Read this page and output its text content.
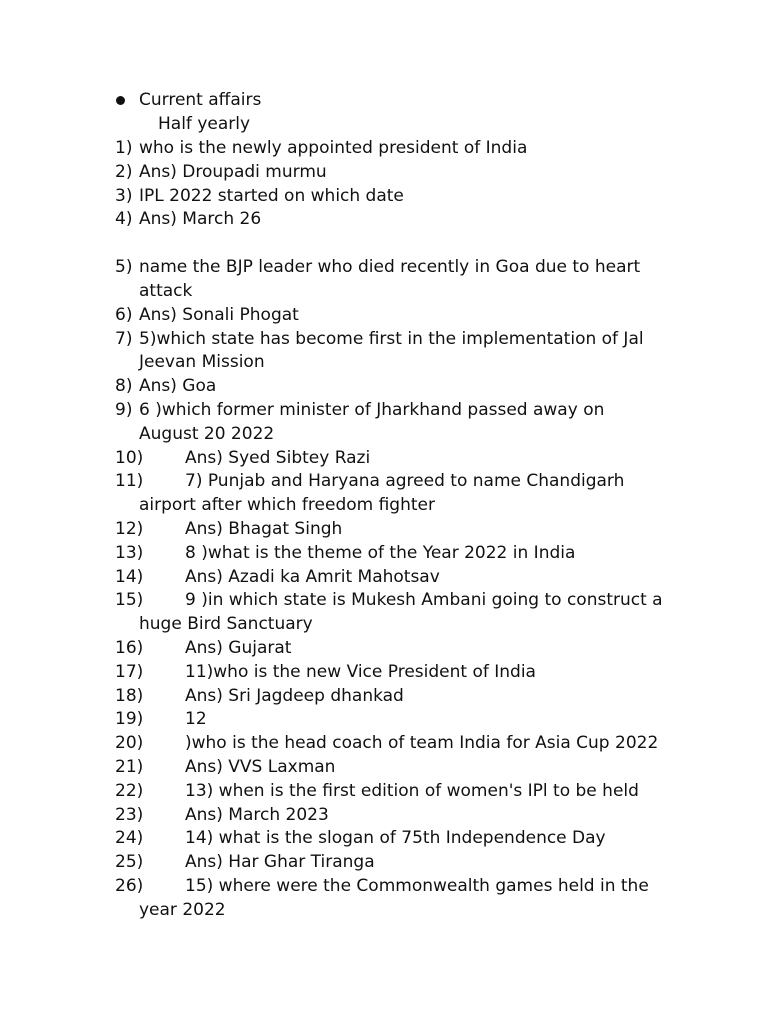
Current affairs
Half yearly
1) who is the newly appointed president of India
2) Ans) Droupadi murmu
3) IPL 2022 started on which date
4) Ans) March 26
5) name the BJP leader who died recently in Goa due to heart attack
6) Ans) Sonali Phogat
7) 5)which state has become first in the implementation of Jal Jeevan Mission
8) Ans) Goa
9) 6 )which former minister of Jharkhand passed away on August 20 2022
10)	Ans) Syed Sibtey Razi
11)	7) Punjab and Haryana agreed to name Chandigarh airport after which freedom fighter
12)	Ans) Bhagat Singh
13)	8 )what is the theme of the Year 2022 in India
14)	Ans) Azadi ka Amrit Mahotsav
15)	9 )in which state is Mukesh Ambani going to construct a huge Bird Sanctuary
16)	Ans) Gujarat
17)	11)who is the new Vice President of India
18)	Ans) Sri Jagdeep dhankad
19)	12
20)	)who is the head coach of team India for Asia Cup 2022
21)	Ans) VVS Laxman
22)	13) when is the first edition of women's IPl to be held
23)	Ans) March 2023
24)	14) what is the slogan of 75th Independence Day
25)	Ans) Har Ghar Tiranga
26)	15) where were the Commonwealth games held in the year 2022
